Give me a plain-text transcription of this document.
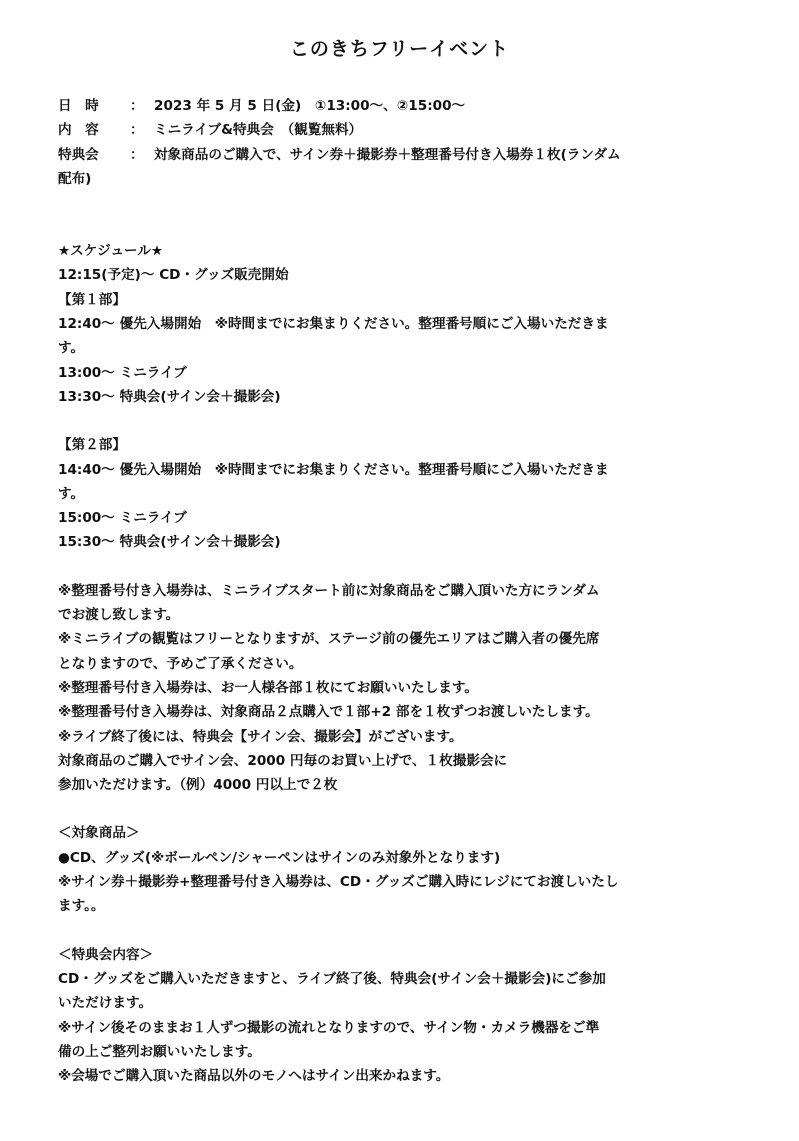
このきちフリーイベント
日　時	： 2023 年 5 月 5 日(金)　①13:00～、②15:00～
内　容	： ミニライブ&特典会　（観覧無料）
特典会	： 対象商品のご購入で、サイン券＋撮影券＋整理番号付き入場券１枚(ランダム
配布)
★スケジュール★
12:15(予定)～ CD・グッズ販売開始
【第１部】
12:40～ 優先入場開始　※時間までにお集まりください。整理番号順にご入場いただきま
す。
13:00～ ミニライブ
13:30～ 特典会(サイン会＋撮影会)
【第２部】
14:40～ 優先入場開始　※時間までにお集まりください。整理番号順にご入場いただきま
す。
15:00～ ミニライブ
15:30～ 特典会(サイン会＋撮影会)
※整理番号付き入場券は、ミニライブスタート前に対象商品をご購入頂いた方にランダム
でお渡し致します。
※ミニライブの観覧はフリーとなりますが、ステージ前の優先エリアはご購入者の優先席
となりますので、予めご了承ください。
※整理番号付き入場券は、お一人様各部１枚にてお願いいたします。
※整理番号付き入場券は、対象商品２点購入で１部+2 部を１枚ずつお渡しいたします。
※ライブ終了後には、特典会【サイン会、撮影会】がございます。
対象商品のご購入でサイン会、2000 円毎のお買い上げで、１枚撮影会に
参加いただけます。（例）4000 円以上で２枚
＜対象商品＞
●CD、グッズ(※ボールペン/シャーペンはサインのみ対象外となります)
※サイン券＋撮影券+整理番号付き入場券は、CD・グッズご購入時にレジにてお渡しいたし
ます。。
＜特典会内容＞
CD・グッズをご購入いただきますと、ライブ終了後、特典会(サイン会＋撮影会)にご参加
いただけます。
※サイン後そのままお１人ずつ撮影の流れとなりますので、サイン物・カメラ機器をご準
備の上ご整列お願いいたします。
※会場でご購入頂いた商品以外のモノへはサイン出来かねます。
